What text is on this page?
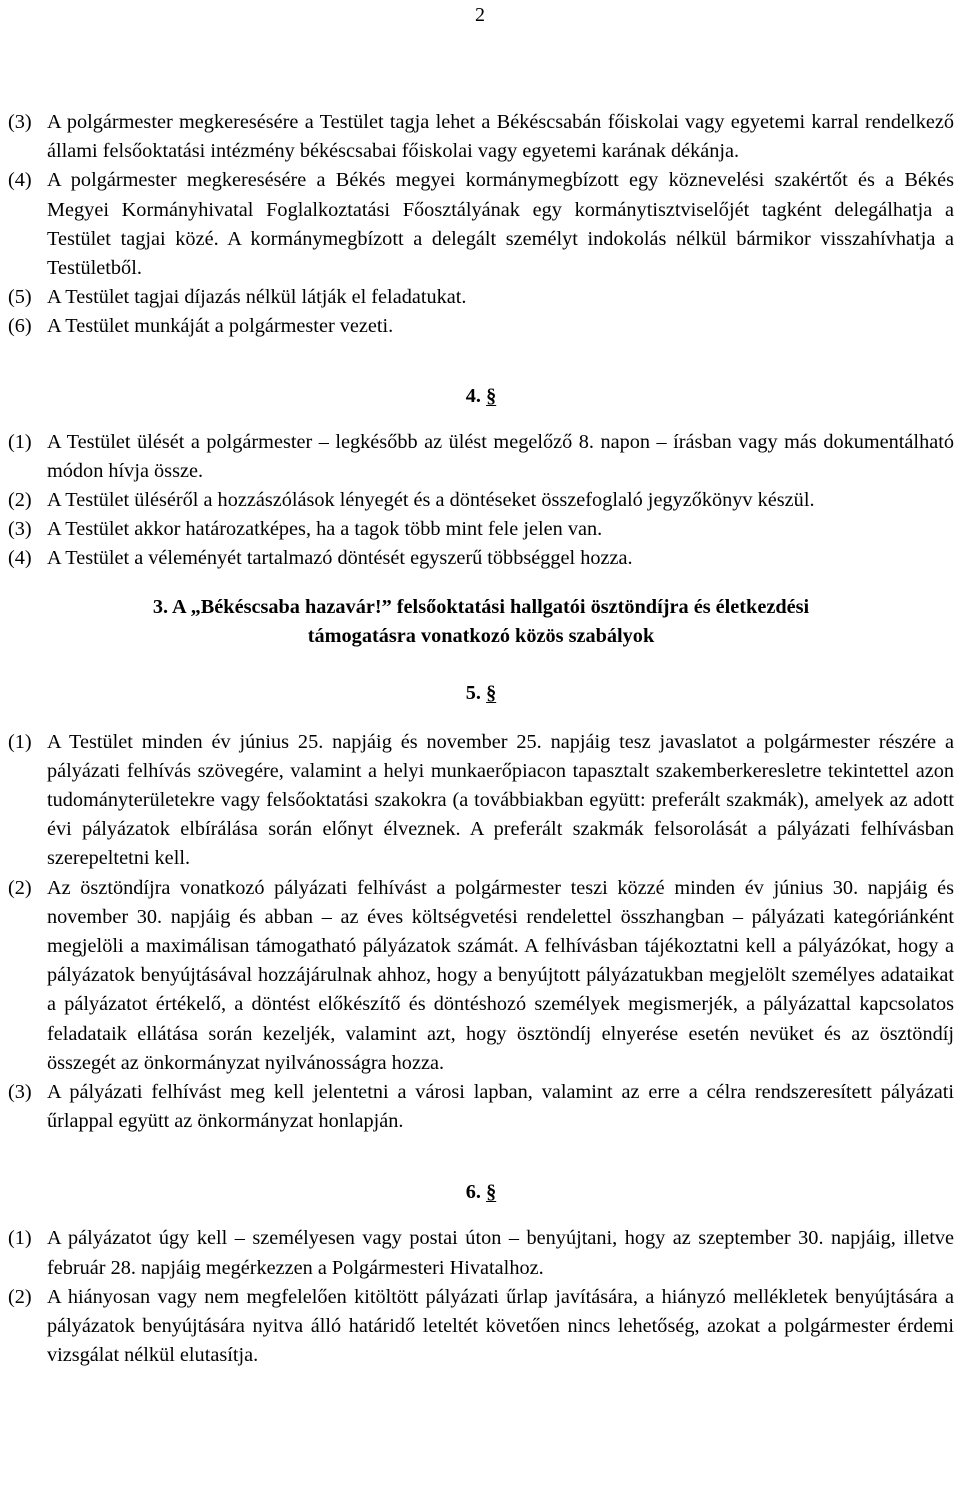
2
(3) A polgármester megkeresésére a Testület tagja lehet a Békéscsabán főiskolai vagy egyetemi karral rendelkező állami felsőoktatási intézmény békéscsabai főiskolai vagy egyetemi karának dékánja.
(4) A polgármester megkeresésére a Békés megyei kormánymegbízott egy köznevelési szakértőt és a Békés Megyei Kormányhivatal Foglalkoztatási Főosztályának egy kormánytisztviselőjét tagként delegálhatja a Testület tagjai közé. A kormánymegbízott a delegált személyt indokolás nélkül bármikor visszahívhatja a Testületből.
(5) A Testület tagjai díjazás nélkül látják el feladatukat.
(6) A Testület munkáját a polgármester vezeti.
4. §
(1) A Testület ülését a polgármester – legkésőbb az ülést megelőző 8. napon – írásban vagy más dokumentálható módon hívja össze.
(2) A Testület üléséről a hozzászólások lényegét és a döntéseket összefoglaló jegyzőkönyv készül.
(3) A Testület akkor határozatképes, ha a tagok több mint fele jelen van.
(4) A Testület a véleményét tartalmazó döntését egyszerű többséggel hozza.
3. A „Békéscsaba hazavár!” felsőoktatási hallgatói ösztöndíjra és életkezdési
támogatásra vonatkozó közös szabályok
5. §
(1) A Testület minden év június 25. napjáig és november 25. napjáig tesz javaslatot a polgármester részére a pályázati felhívás szövegére, valamint a helyi munkaerőpiacon tapasztalt szakemberkeresletre tekintettel azon tudományterületekre vagy felsőoktatási szakokra (a továbbiakban együtt: preferált szakmák), amelyek az adott évi pályázatok elbírálása során előnyt élveznek. A preferált szakmák felsorolását a pályázati felhívásban szerepeltetni kell.
(2) Az ösztöndíjra vonatkozó pályázati felhívást a polgármester teszi közzé minden év június 30. napjáig és november 30. napjáig és abban – az éves költségvetési rendelettel összhangban – pályázati kategóriánként megjelöli a maximálisan támogatható pályázatok számát. A felhívásban tájékoztatni kell a pályázókat, hogy a pályázatok benyújtásával hozzájárulnak ahhoz, hogy a benyújtott pályázatukban megjelölt személyes adataikat a pályázatot értékelő, a döntést előkészítő és döntéshozó személyek megismerjék, a pályázattal kapcsolatos feladataik ellátása során kezeljék, valamint azt, hogy ösztöndíj elnyerése esetén nevüket és az ösztöndíj összegét az önkormányzat nyilvánosságra hozza.
(3) A pályázati felhívást meg kell jelentetni a városi lapban, valamint az erre a célra rendszeresített pályázati űrlappal együtt az önkormányzat honlapján.
6. §
(1) A pályázatot úgy kell – személyesen vagy postai úton – benyújtani, hogy az szeptember 30. napjáig, illetve február 28. napjáig megérkezzen a Polgármesteri Hivatalhoz.
(2) A hiányosan vagy nem megfelelően kitöltött pályázati űrlap javítására, a hiányzó mellékletek benyújtására a pályázatok benyújtására nyitva álló határidő leteltét követően nincs lehetőség, azokat a polgármester érdemi vizsgálat nélkül elutasítja.
